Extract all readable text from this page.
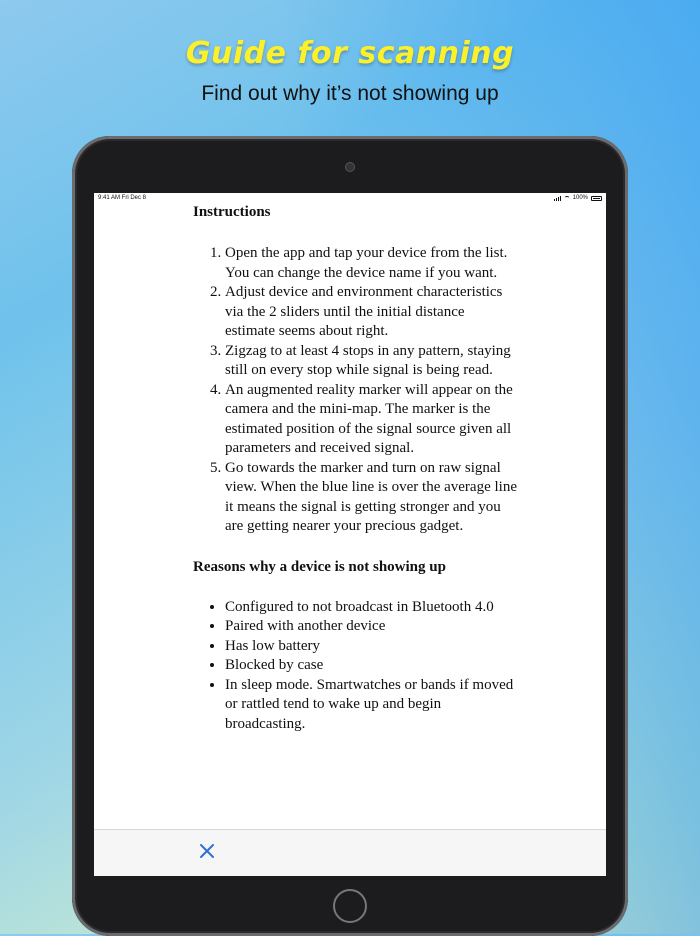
Guide for scanning
Find out why it’s not showing up
9:41 AM Fri Dec 8	100%

Instructions

1. Open the app and tap your device from the list. You can change the device name if you want.
2. Adjust device and environment characteristics via the 2 sliders until the initial distance estimate seems about right.
3. Zigzag to at least 4 stops in any pattern, staying still on every stop while signal is being read.
4. An augmented reality marker will appear on the camera and the mini-map. The marker is the estimated position of the signal source given all parameters and received signal.
5. Go towards the marker and turn on raw signal view. When the blue line is over the average line it means the signal is getting stronger and you are getting nearer your precious gadget.

Reasons why a device is not showing up

• Configured to not broadcast in Bluetooth 4.0
• Paired with another device
• Has low battery
• Blocked by case
• In sleep mode. Smartwatches or bands if moved or rattled tend to wake up and begin broadcasting.
